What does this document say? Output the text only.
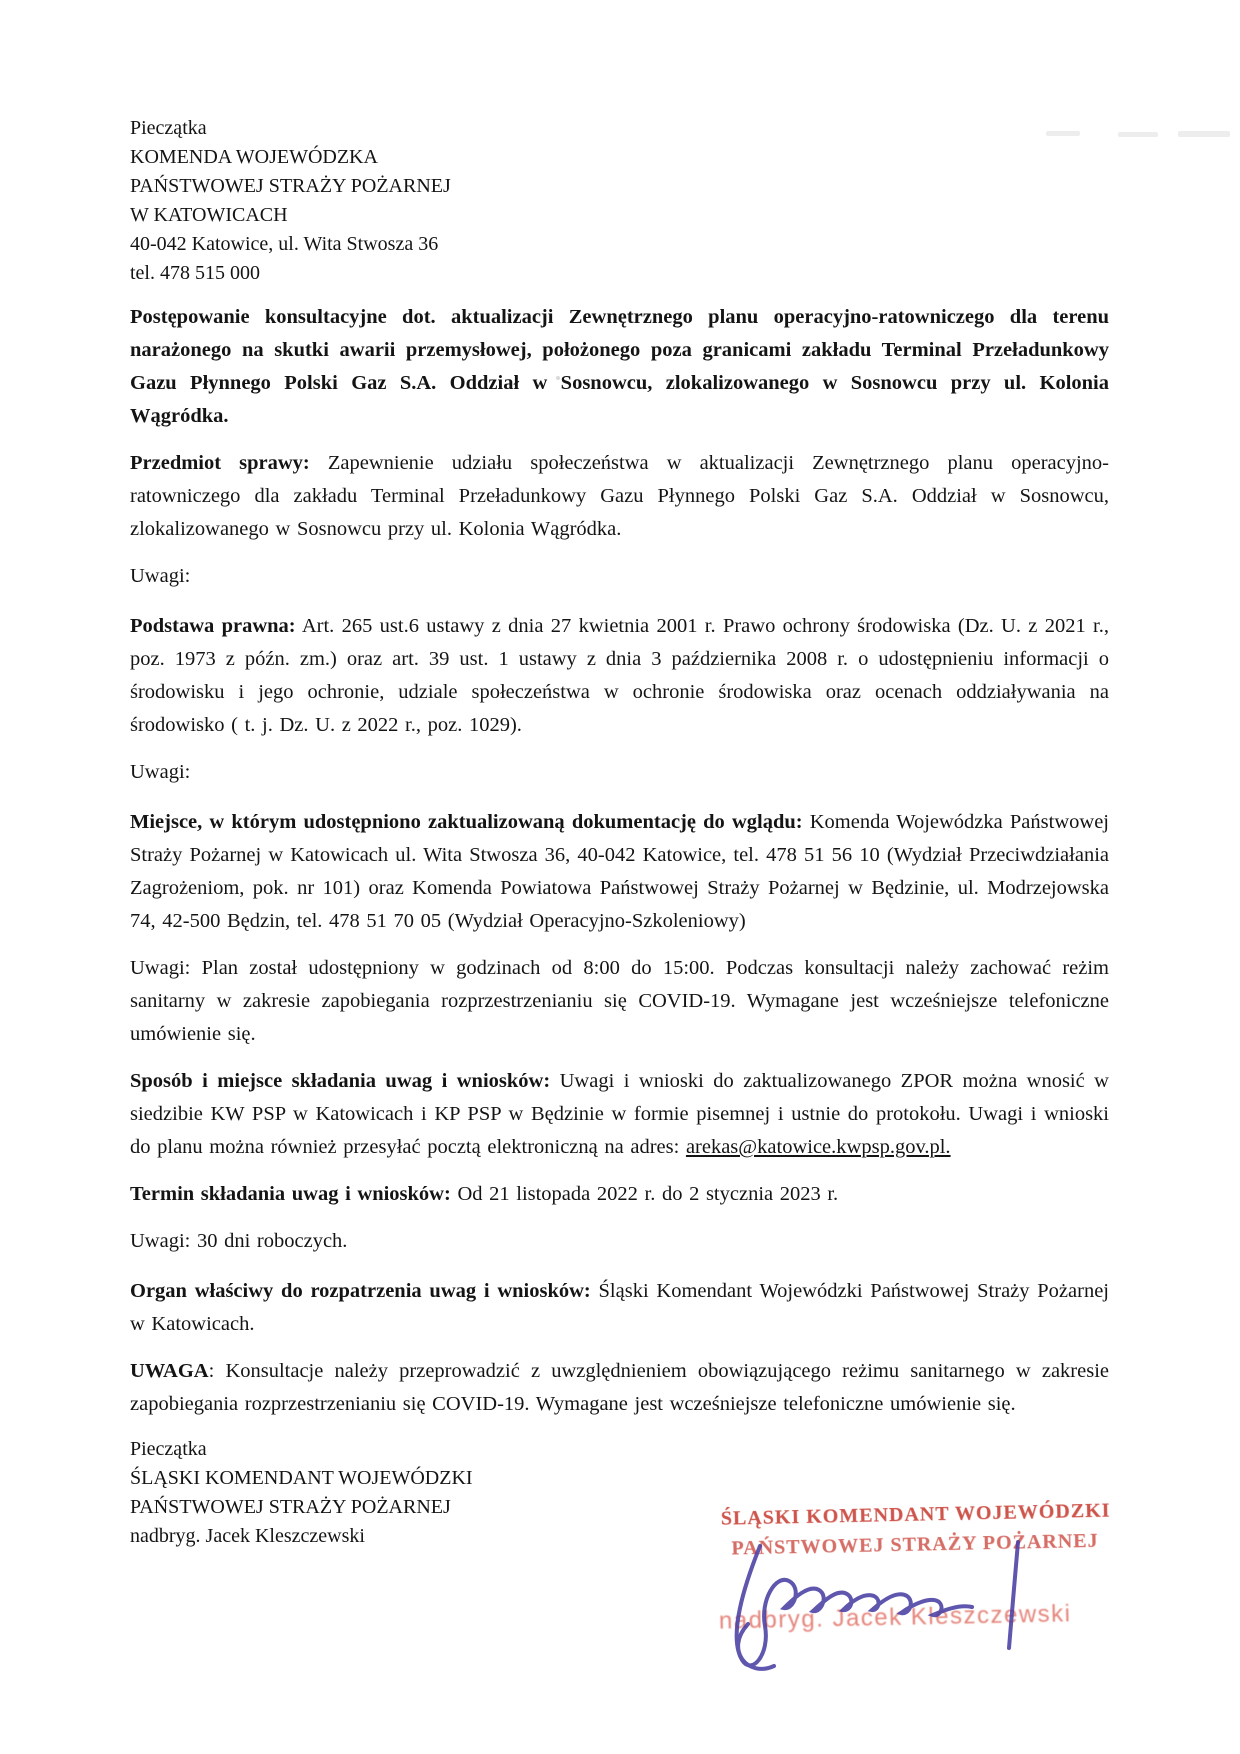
Pieczątka
KOMENDA WOJEWÓDZKA
PAŃSTWOWEJ STRAŻY POŻARNEJ
W KATOWICACH
40-042 Katowice, ul. Wita Stwosza 36
tel. 478 515 000

Postępowanie konsultacyjne dot. aktualizacji Zewnętrznego planu operacyjno-ratowniczego dla terenu narażonego na skutki awarii przemysłowej, położonego poza granicami zakładu Terminal Przeładunkowy Gazu Płynnego Polski Gaz S.A. Oddział w Sosnowcu, zlokalizowanego w Sosnowcu przy ul. Kolonia Wągródka.

Przedmiot sprawy: Zapewnienie udziału społeczeństwa w aktualizacji Zewnętrznego planu operacyjno-ratowniczego dla zakładu Terminal Przeładunkowy Gazu Płynnego Polski Gaz S.A. Oddział w Sosnowcu, zlokalizowanego w Sosnowcu przy ul. Kolonia Wągródka.

Uwagi:

Podstawa prawna: Art. 265 ust.6 ustawy z dnia 27 kwietnia 2001 r. Prawo ochrony środowiska (Dz. U. z 2021 r., poz. 1973 z późn. zm.) oraz art. 39 ust. 1 ustawy z dnia 3 października 2008 r. o udostępnieniu informacji o środowisku i jego ochronie, udziale społeczeństwa w ochronie środowiska oraz ocenach oddziaływania na środowisko ( t. j. Dz. U. z 2022 r., poz. 1029).

Uwagi:

Miejsce, w którym udostępniono zaktualizowaną dokumentację do wglądu: Komenda Wojewódzka Państwowej Straży Pożarnej w Katowicach ul. Wita Stwosza 36, 40-042 Katowice, tel. 478 51 56 10 (Wydział Przeciwdziałania Zagrożeniom, pok. nr 101) oraz Komenda Powiatowa Państwowej Straży Pożarnej w Będzinie, ul. Modrzejowska 74, 42-500 Będzin, tel. 478 51 70 05 (Wydział Operacyjno-Szkoleniowy)

Uwagi: Plan został udostępniony w godzinach od 8:00 do 15:00. Podczas konsultacji należy zachować reżim sanitarny w zakresie zapobiegania rozprzestrzenianiu się COVID-19. Wymagane jest wcześniejsze telefoniczne umówienie się.

Sposób i miejsce składania uwag i wniosków: Uwagi i wnioski do zaktualizowanego ZPOR można wnosić w siedzibie KW PSP w Katowicach i KP PSP w Będzinie w formie pisemnej i ustnie do protokołu. Uwagi i wnioski do planu można również przesyłać pocztą elektroniczną na adres: arekas@katowice.kwpsp.gov.pl.

Termin składania uwag i wniosków: Od 21 listopada 2022 r. do 2 stycznia 2023 r.

Uwagi: 30 dni roboczych.

Organ właściwy do rozpatrzenia uwag i wniosków: Śląski Komendant Wojewódzki Państwowej Straży Pożarnej w Katowicach.

UWAGA: Konsultacje należy przeprowadzić z uwzględnieniem obowiązującego reżimu sanitarnego w zakresie zapobiegania rozprzestrzenianiu się COVID-19. Wymagane jest wcześniejsze telefoniczne umówienie się.

Pieczątka
ŚLĄSKI KOMENDANT WOJEWÓDZKI
PAŃSTWOWEJ STRAŻY POŻARNEJ
nadbryg. Jacek Kleszczewski
ŚLĄSKI KOMENDANT WOJEWÓDZKI
PAŃSTWOWEJ STRAŻY POŻARNEJ
nadbryg. Jacek Kleszczewski
